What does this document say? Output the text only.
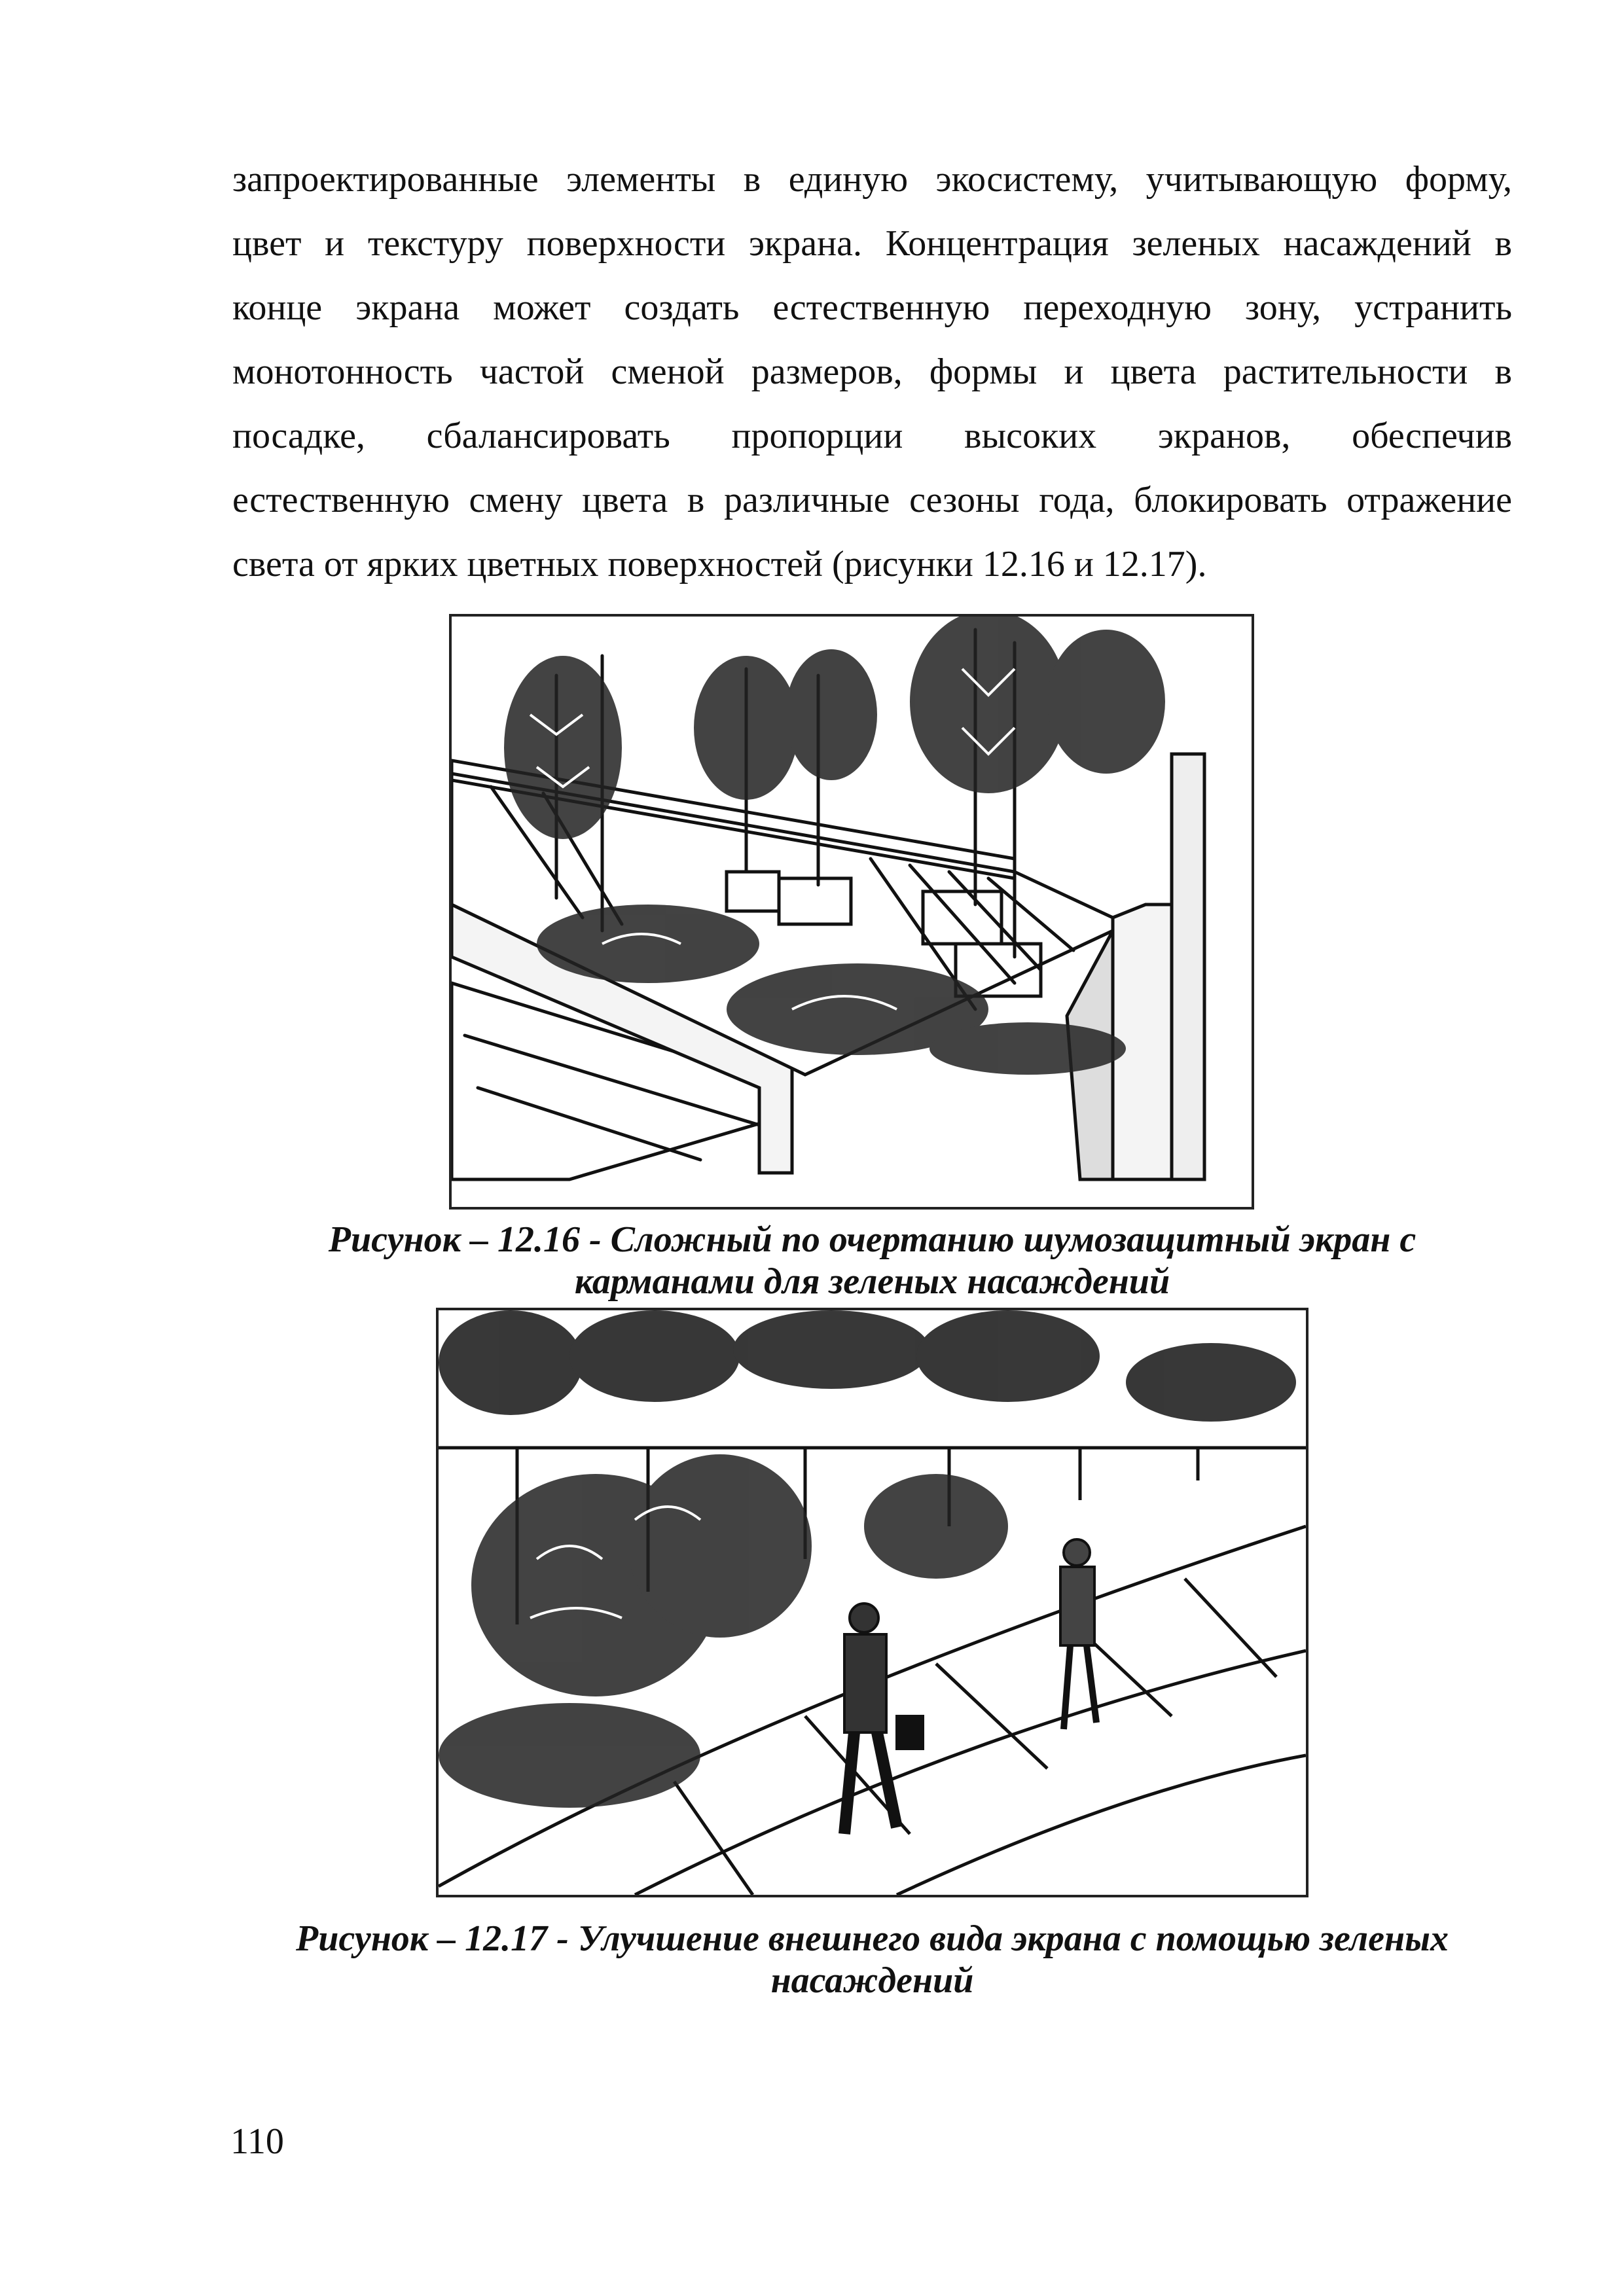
запроектированные элементы в единую экосистему, учитывающую форму,
цвет и текстуру поверхности экрана. Концентрация зеленых насаждений в
конце экрана может создать естественную переходную зону, устранить
монотонность частой сменой размеров, формы и цвета растительности в
посадке, сбалансировать пропорции высоких экранов, обеспечив
естественную смену цвета в различные сезоны года, блокировать отражение
света от ярких цветных поверхностей (рисунки 12.16 и 12.17).
Рисунок – 12.16 - Сложный по очертанию шумозащитный экран с
карманами для зеленых насаждений
Рисунок – 12.17 - Улучшение внешнего вида экрана с помощью зеленых
насаждений
110
